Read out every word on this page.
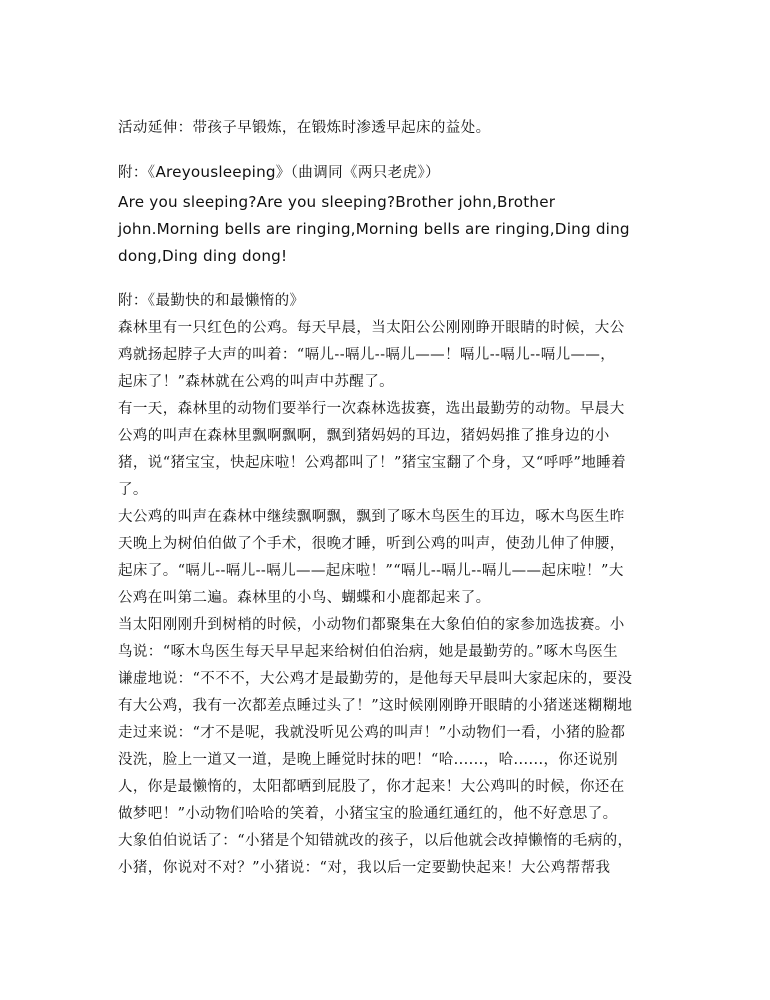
活动延伸：带孩子早锻炼，在锻炼时渗透早起床的益处。
附：《Areyousleeping》（曲调同《两只老虎》）
Are you sleeping?Are you sleeping?Brother john,Brother
john.Morning bells are ringing,Morning bells are ringing,Ding ding
dong,Ding ding dong!
附：《最勤快的和最懒惰的》
森林里有一只红色的公鸡。每天早晨，当太阳公公刚刚睁开眼睛的时候，大公
鸡就扬起脖子大声的叫着：“嗝儿--嗝儿--嗝儿——！嗝儿--嗝儿--嗝儿——，
起床了！”森林就在公鸡的叫声中苏醒了。
有一天，森林里的动物们要举行一次森林选拔赛，选出最勤劳的动物。早晨大
公鸡的叫声在森林里飘啊飘啊，飘到猪妈妈的耳边，猪妈妈推了推身边的小
猪，说“猪宝宝，快起床啦！公鸡都叫了！”猪宝宝翻了个身，又“呼呼”地睡着
了。
大公鸡的叫声在森林中继续飘啊飘，飘到了啄木鸟医生的耳边，啄木鸟医生昨
天晚上为树伯伯做了个手术，很晚才睡，听到公鸡的叫声，使劲儿伸了伸腰，
起床了。“嗝儿--嗝儿--嗝儿——起床啦！”“嗝儿--嗝儿--嗝儿——起床啦！”大
公鸡在叫第二遍。森林里的小鸟、蝴蝶和小鹿都起来了。
当太阳刚刚升到树梢的时候，小动物们都聚集在大象伯伯的家参加选拔赛。小
鸟说：“啄木鸟医生每天早早起来给树伯伯治病，她是最勤劳的。”啄木鸟医生
谦虚地说：“不不不，大公鸡才是最勤劳的，是他每天早晨叫大家起床的，要没
有大公鸡，我有一次都差点睡过头了！”这时候刚刚睁开眼睛的小猪迷迷糊糊地
走过来说：“才不是呢，我就没听见公鸡的叫声！”小动物们一看，小猪的脸都
没洗，脸上一道又一道，是晚上睡觉时抹的吧！“哈......，哈......，你还说别
人，你是最懒惰的，太阳都晒到屁股了，你才起来！大公鸡叫的时候，你还在
做梦吧！”小动物们哈哈的笑着，小猪宝宝的脸通红通红的，他不好意思了。
大象伯伯说话了：“小猪是个知错就改的孩子，以后他就会改掉懒惰的毛病的，
小猪，你说对不对？”小猪说：“对，我以后一定要勤快起来！大公鸡帮帮我
